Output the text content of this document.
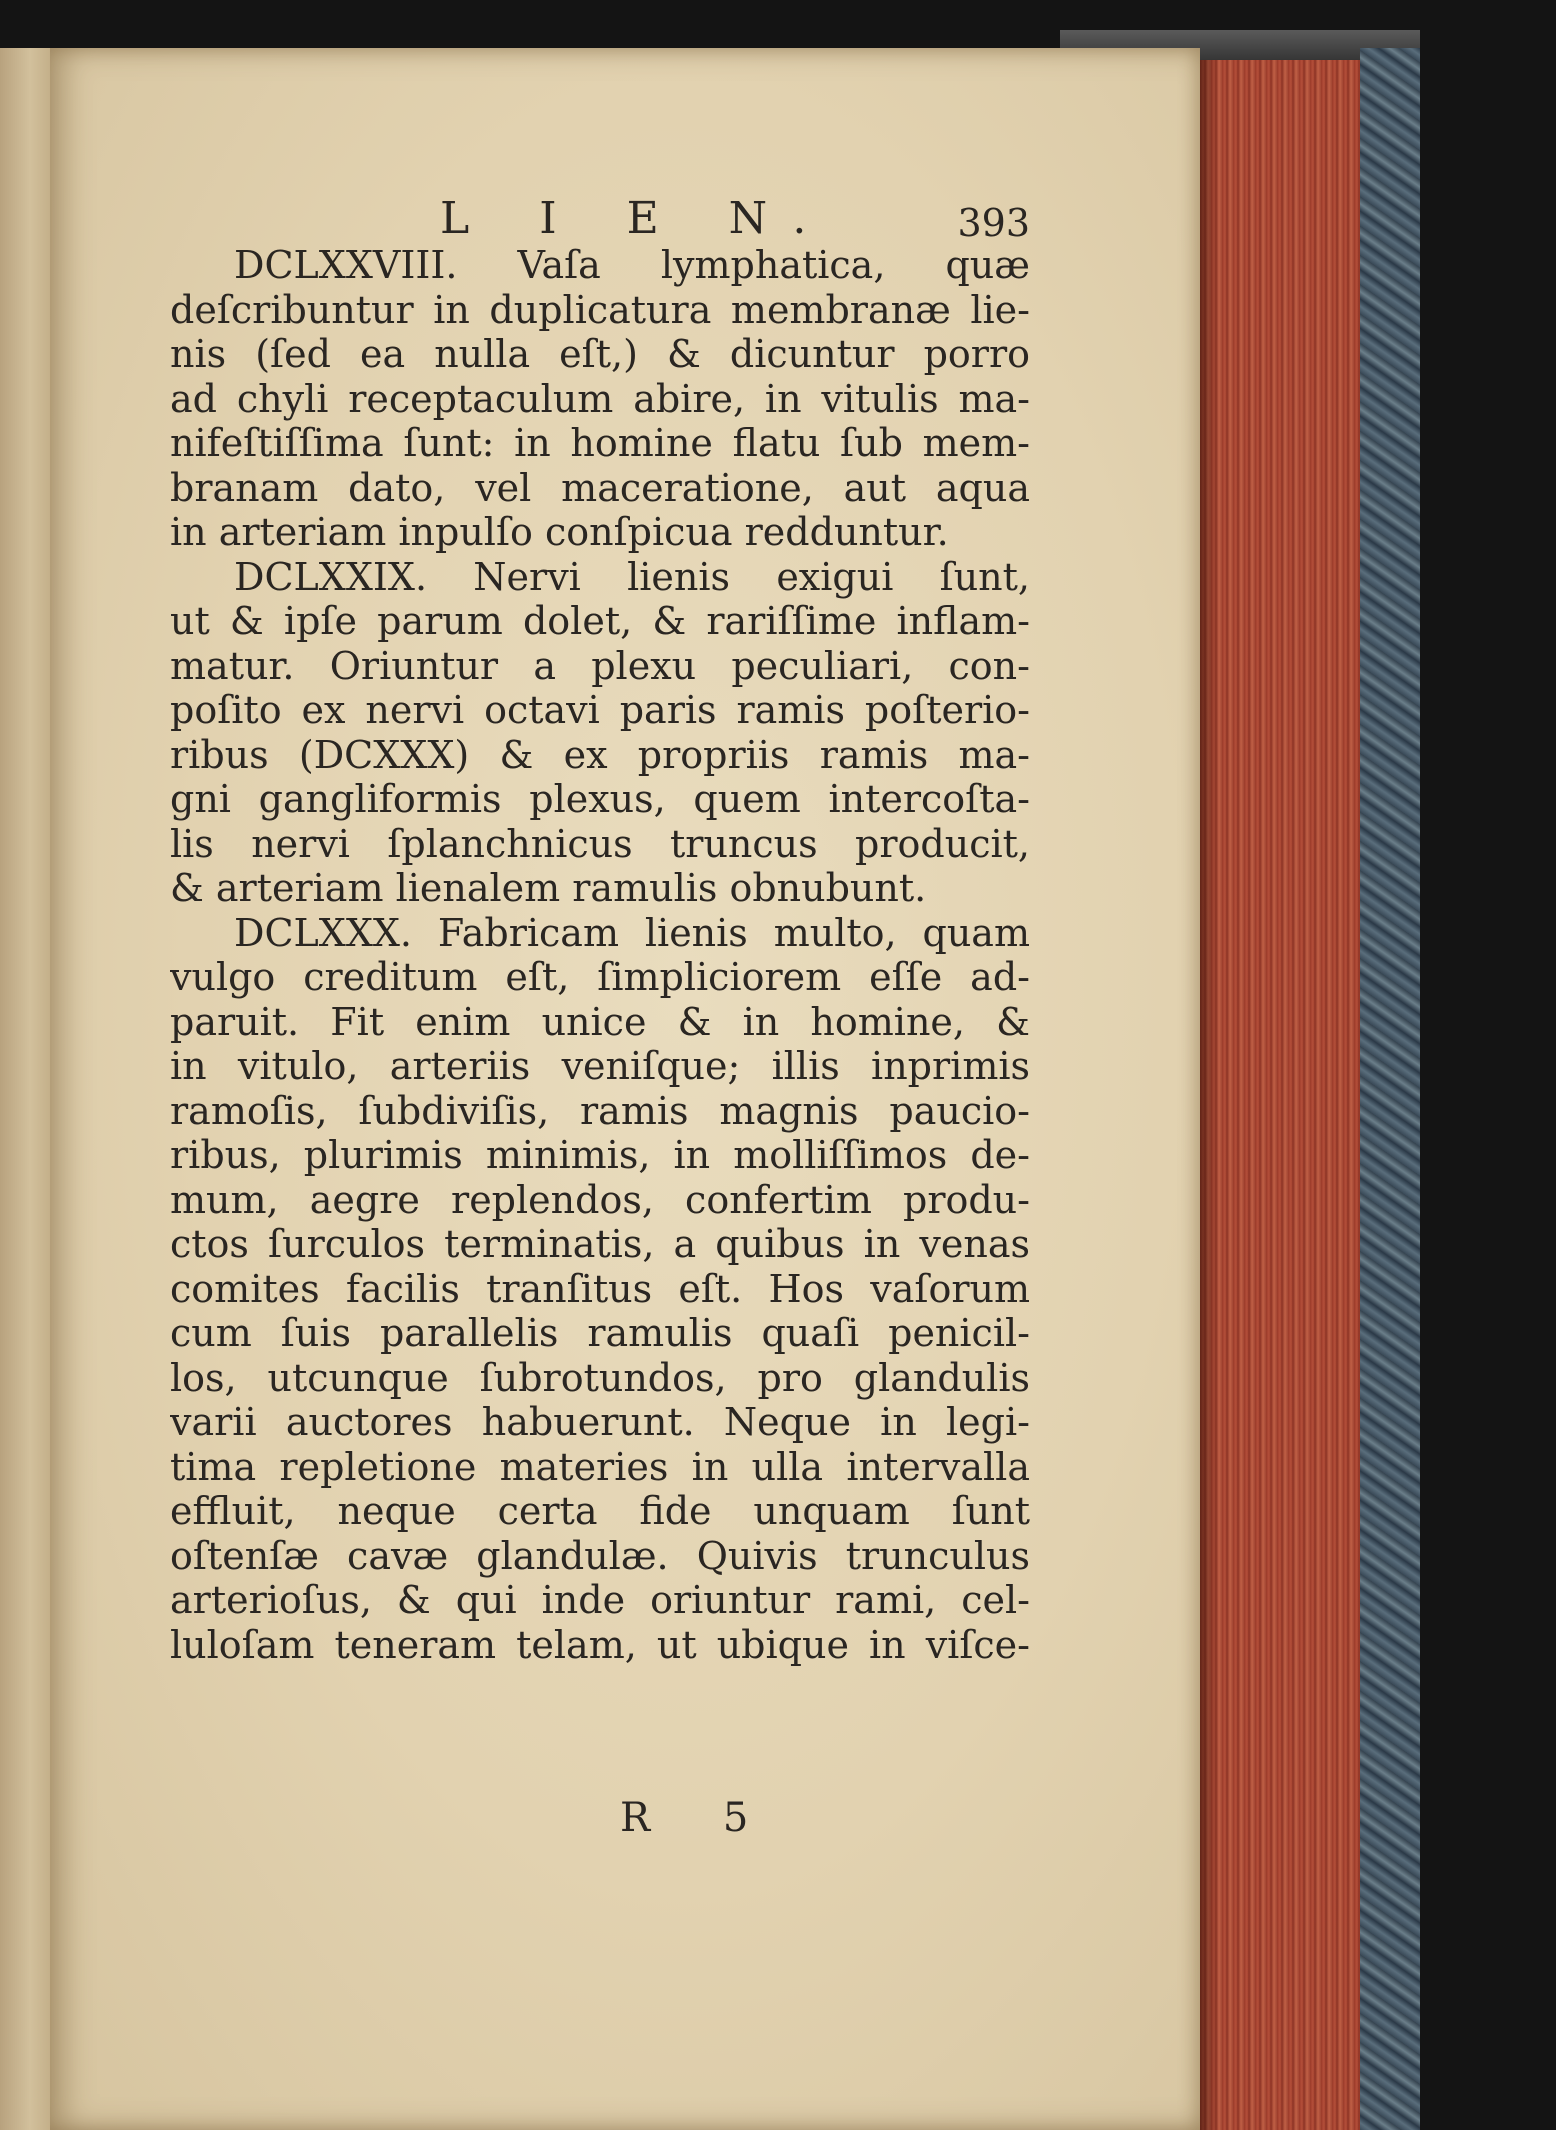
L I E N.	393
DCLXXVIII. Vaſa lymphatica, quæ
deſcribuntur in duplicatura membranæ lie-
nis (ſed ea nulla eſt,) & dicuntur porro
ad chyli receptaculum abire, in vitulis ma-
nifeſtiſſima ſunt: in homine flatu ſub mem-
branam dato, vel maceratione, aut aqua
in arteriam inpulſo conſpicua redduntur.
DCLXXIX. Nervi lienis exigui ſunt,
ut & ipſe parum dolet, & rariſſime inflam-
matur. Oriuntur a plexu peculiari, con-
poſito ex nervi octavi paris ramis poſterio-
ribus (DCXXX) & ex propriis ramis ma-
gni gangliformis plexus, quem intercoſta-
lis nervi ſplanchnicus truncus producit,
& arteriam lienalem ramulis obnubunt.
DCLXXX. Fabricam lienis multo, quam
vulgo creditum eſt, ſimpliciorem eſſe ad-
paruit. Fit enim unice & in homine, &
in vitulo, arteriis veniſque; illis inprimis
ramoſis, ſubdiviſis, ramis magnis paucio-
ribus, plurimis minimis, in molliſſimos de-
mum, aegre replendos, confertim produ-
ctos ſurculos terminatis, a quibus in venas
comites facilis tranſitus eſt. Hos vaſorum
cum ſuis parallelis ramulis quaſi penicil-
los, utcunque ſubrotundos, pro glandulis
varii auctores habuerunt. Neque in legi-
tima repletione materies in ulla intervalla
effluit, neque certa fide unquam ſunt
oſtenſæ cavæ glandulæ. Quivis trunculus
arterioſus, & qui inde oriuntur rami, cel-
luloſam teneram telam, ut ubique in viſce-
R 5
